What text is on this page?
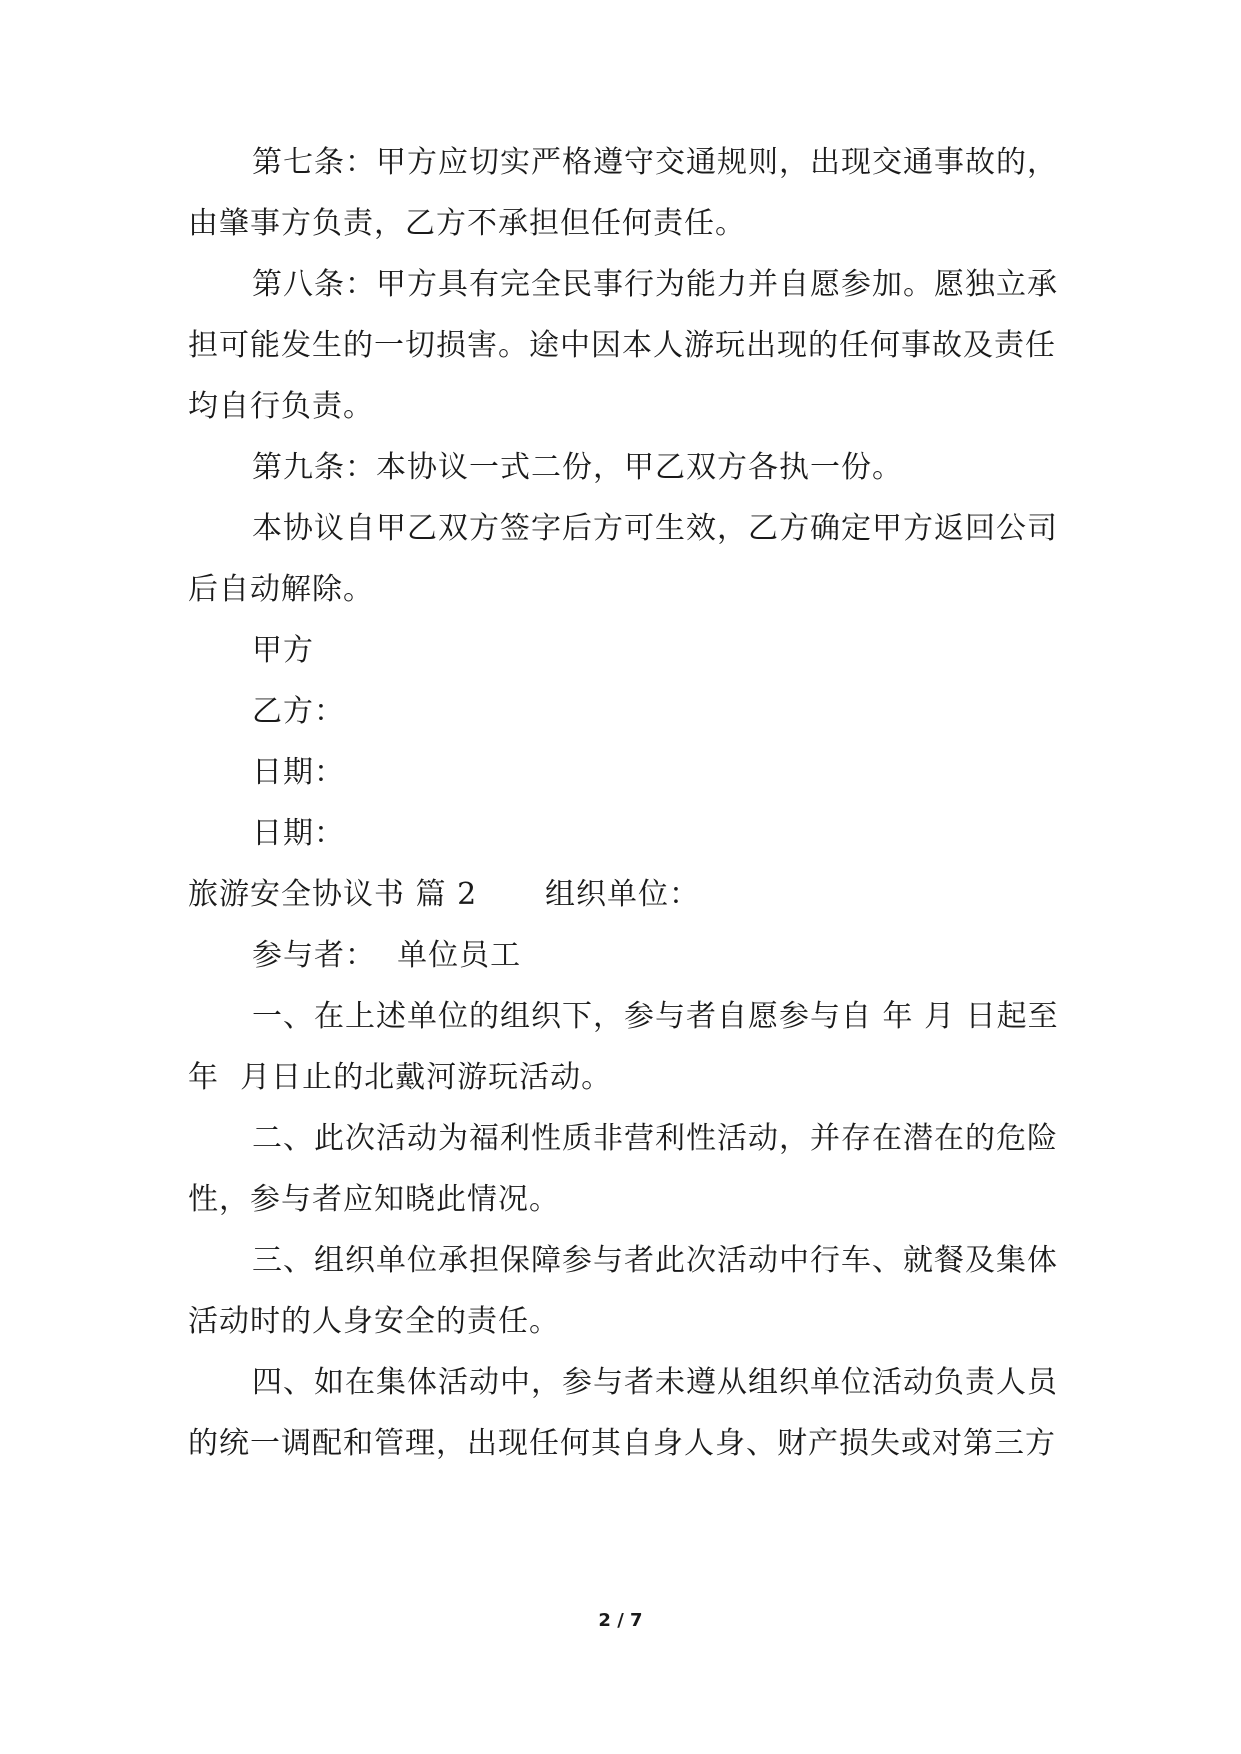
第七条：甲方应切实严格遵守交通规则，出现交通事故的，
由肇事方负责，乙方不承担但任何责任。
第八条：甲方具有完全民事行为能力并自愿参加。愿独立承
担可能发生的一切损害。途中因本人游玩出现的任何事故及责任
均自行负责。
第九条：本协议一式二份，甲乙双方各执一份。
本协议自甲乙双方签字后方可生效，乙方确定甲方返回公司
后自动解除。
甲方
乙方：
日期：
日期：
旅游安全协议书 篇 2 组织单位：
参与者：  单位员工
一、在上述单位的组织下，参与者自愿参与自 年 月 日起至
年  月日止的北戴河游玩活动。
二、此次活动为福利性质非营利性活动，并存在潜在的危险
性，参与者应知晓此情况。
三、组织单位承担保障参与者此次活动中行车、就餐及集体
活动时的人身安全的责任。
四、如在集体活动中，参与者未遵从组织单位活动负责人员
的统一调配和管理，出现任何其自身人身、财产损失或对第三方
2 / 7
